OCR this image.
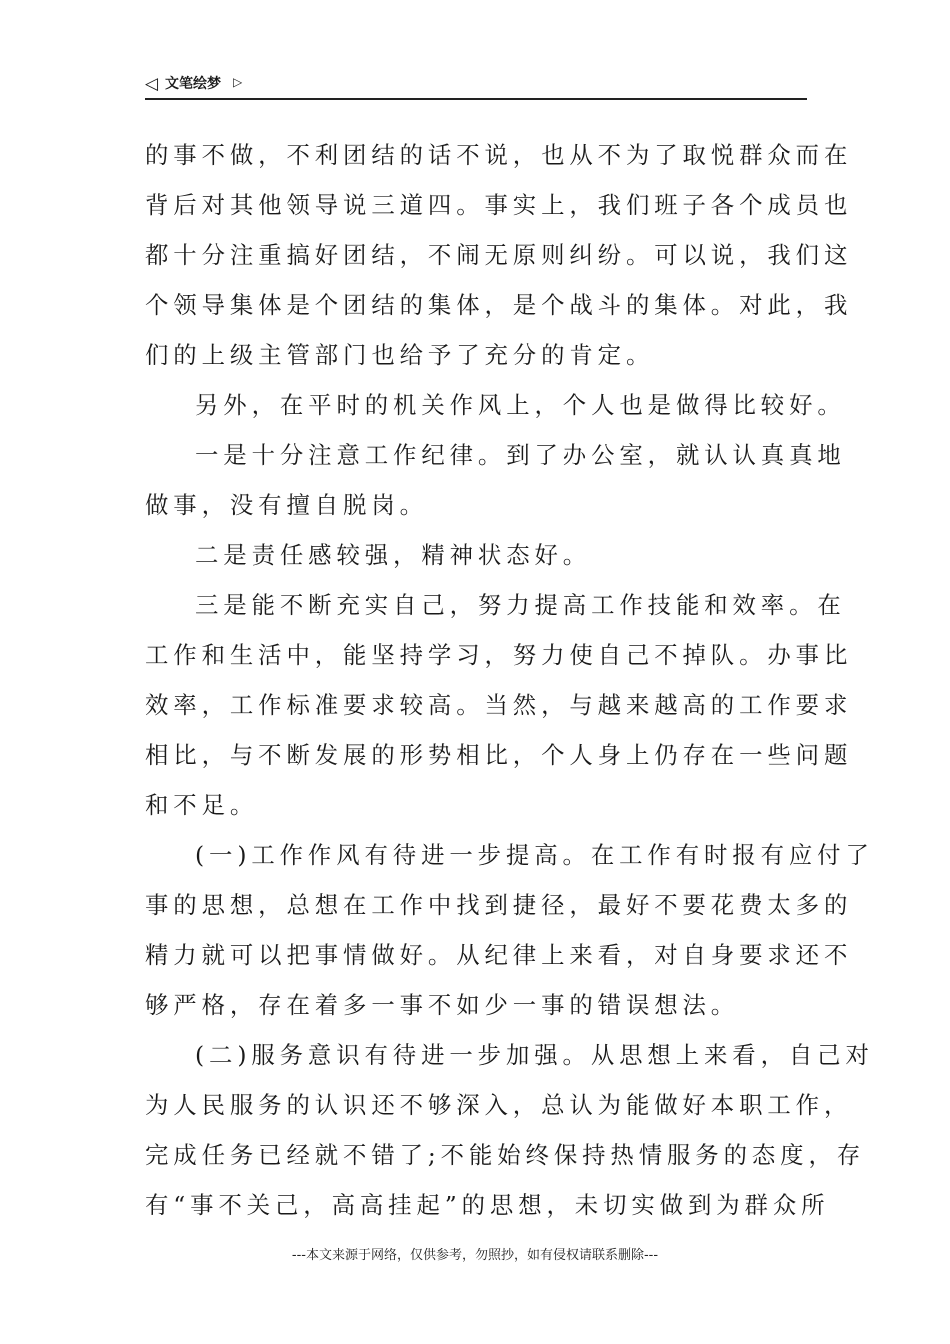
◁ 文笔绘梦 ▷
的事不做，不利团结的话不说，也从不为了取悦群众而在
背后对其他领导说三道四。事实上，我们班子各个成员也
都十分注重搞好团结，不闹无原则纠纷。可以说，我们这
个领导集体是个团结的集体，是个战斗的集体。对此，我
们的上级主管部门也给予了充分的肯定。
另外，在平时的机关作风上，个人也是做得比较好。
一是十分注意工作纪律。到了办公室，就认认真真地
做事，没有擅自脱岗。
二是责任感较强，精神状态好。
三是能不断充实自己，努力提高工作技能和效率。在
工作和生活中，能坚持学习，努力使自己不掉队。办事比
效率，工作标准要求较高。当然，与越来越高的工作要求
相比，与不断发展的形势相比，个人身上仍存在一些问题
和不足。
(一)工作作风有待进一步提高。在工作有时报有应付了
事的思想，总想在工作中找到捷径，最好不要花费太多的
精力就可以把事情做好。从纪律上来看，对自身要求还不
够严格，存在着多一事不如少一事的错误想法。
(二)服务意识有待进一步加强。从思想上来看，自己对
为人民服务的认识还不够深入，总认为能做好本职工作，
完成任务已经就不错了;不能始终保持热情服务的态度，存
有“事不关己，高高挂起”的思想，未切实做到为群众所
---本文来源于网络，仅供参考，勿照抄，如有侵权请联系删除---
